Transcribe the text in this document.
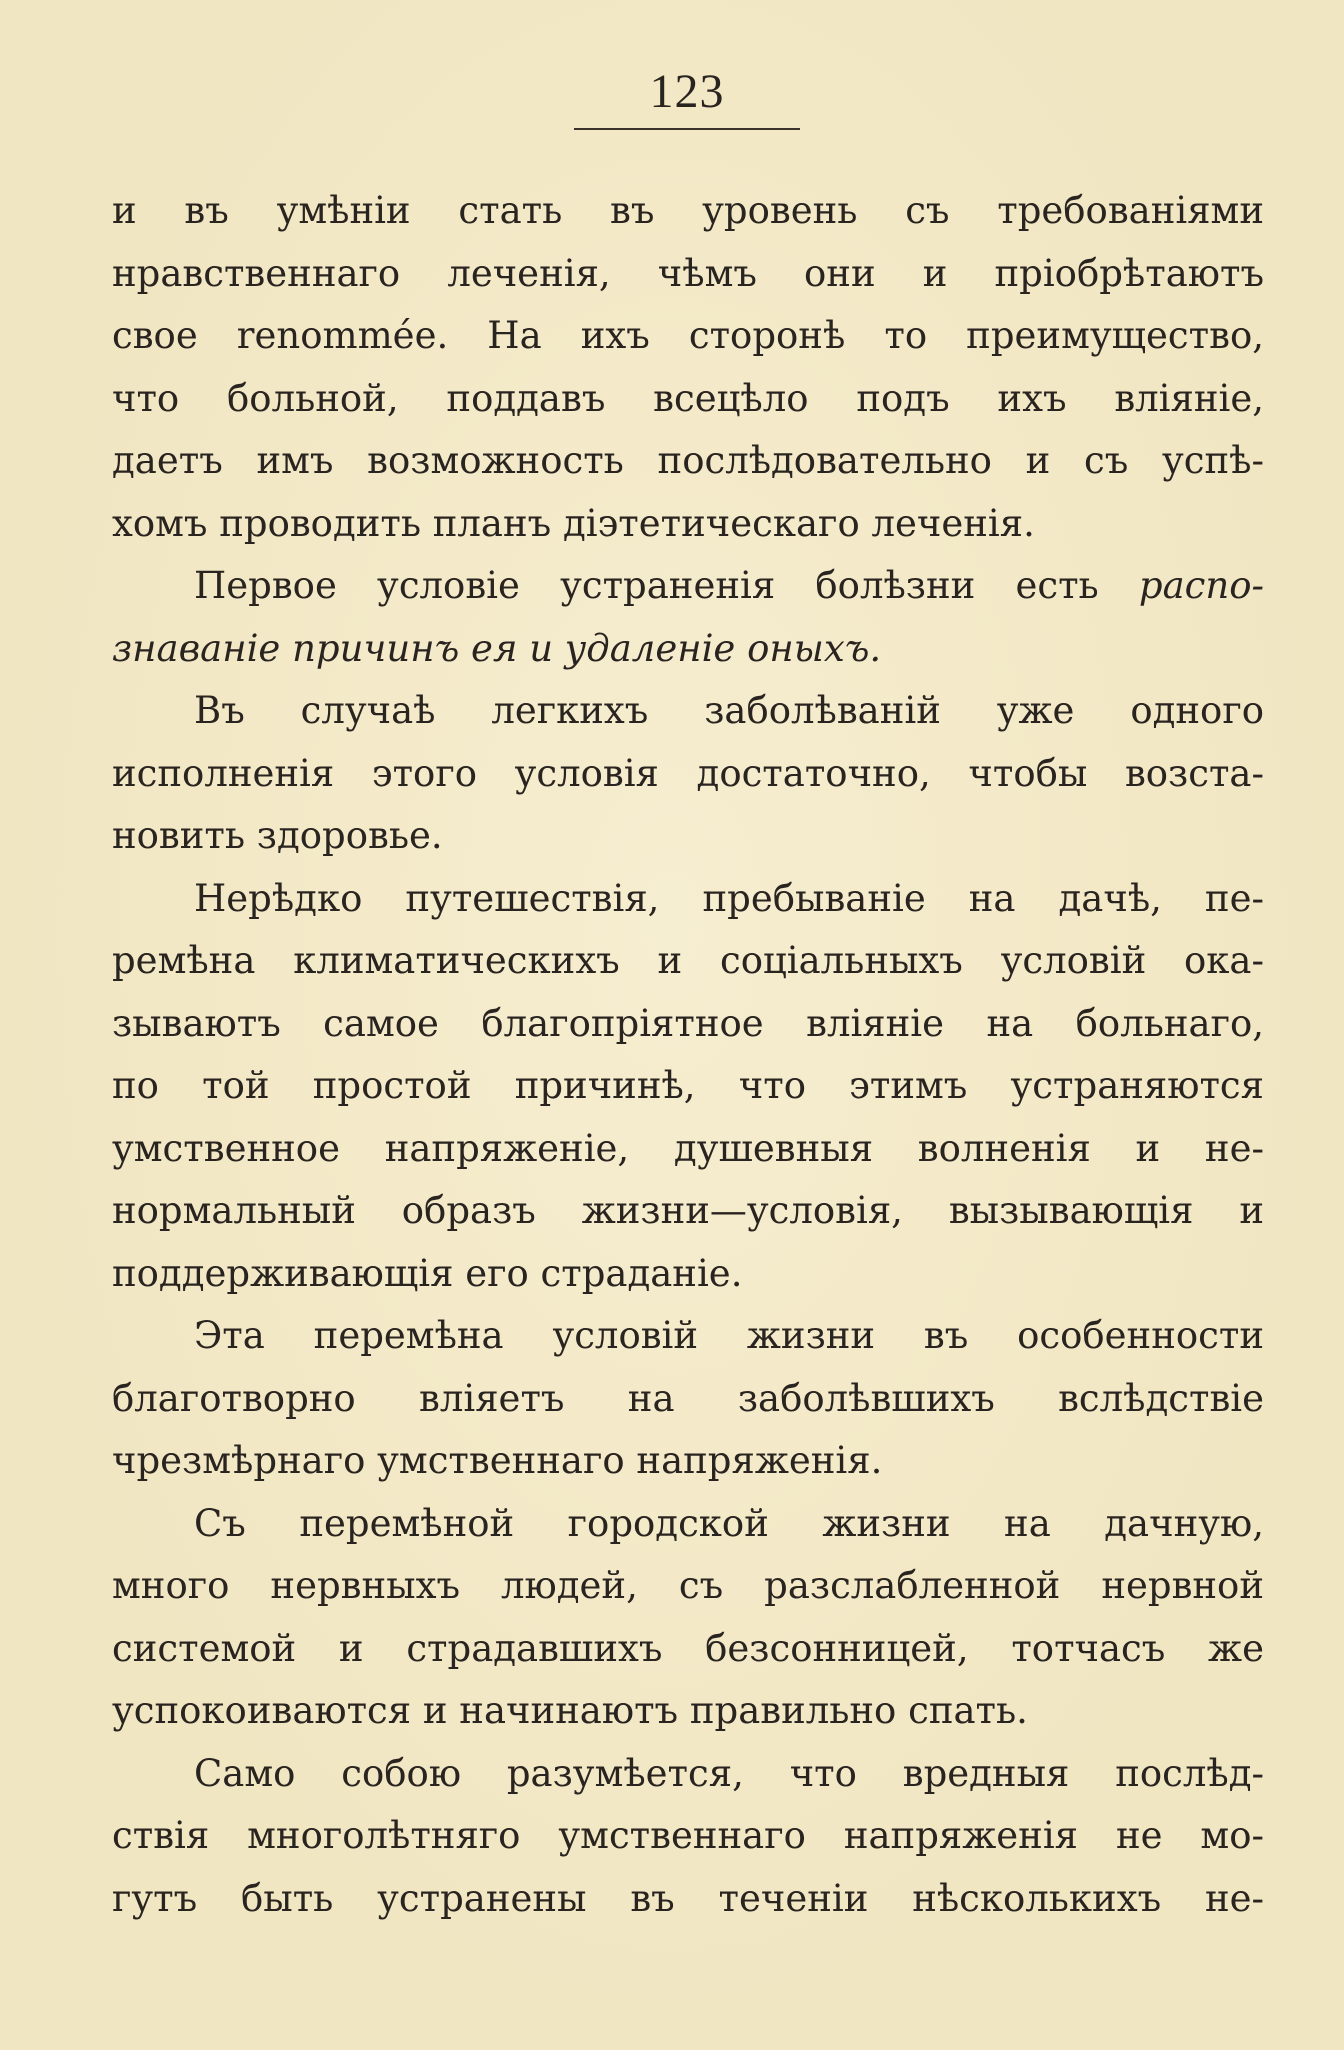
123
и въ умѣніи стать въ уровень съ требованіями
нравственнаго леченія, чѣмъ они и пріобрѣтаютъ
свое renommée. На ихъ сторонѣ то преимущество,
что больной, поддавъ всецѣло подъ ихъ вліяніе,
даетъ имъ возможность послѣдовательно и съ успѣ-
хомъ проводить планъ діэтетическаго леченія.
Первое условіе устраненія болѣзни есть распо-
знаваніе причинъ ея и удаленіе оныхъ.
Въ случаѣ легкихъ заболѣваній уже одного
исполненія этого условія достаточно, чтобы возста-
новить здоровье.
Нерѣдко путешествія, пребываніе на дачѣ, пе-
ремѣна климатическихъ и соціальныхъ условій ока-
зываютъ самое благопріятное вліяніе на больнаго,
по той простой причинѣ, что этимъ устраняются
умственное напряженіе, душевныя волненія и не-
нормальный образъ жизни—условія, вызывающія и
поддерживающія его страданіе.
Эта перемѣна условій жизни въ особенности
благотворно вліяетъ на заболѣвшихъ вслѣдствіе
чрезмѣрнаго умственнаго напряженія.
Съ перемѣной городской жизни на дачную,
много нервныхъ людей, съ разслабленной нервной
системой и страдавшихъ безсонницей, тотчасъ же
успокоиваются и начинаютъ правильно спать.
Само собою разумѣется, что вредныя послѣд-
ствія многолѣтняго умственнаго напряженія не мо-
гутъ быть устранены въ теченіи нѣсколькихъ не-
